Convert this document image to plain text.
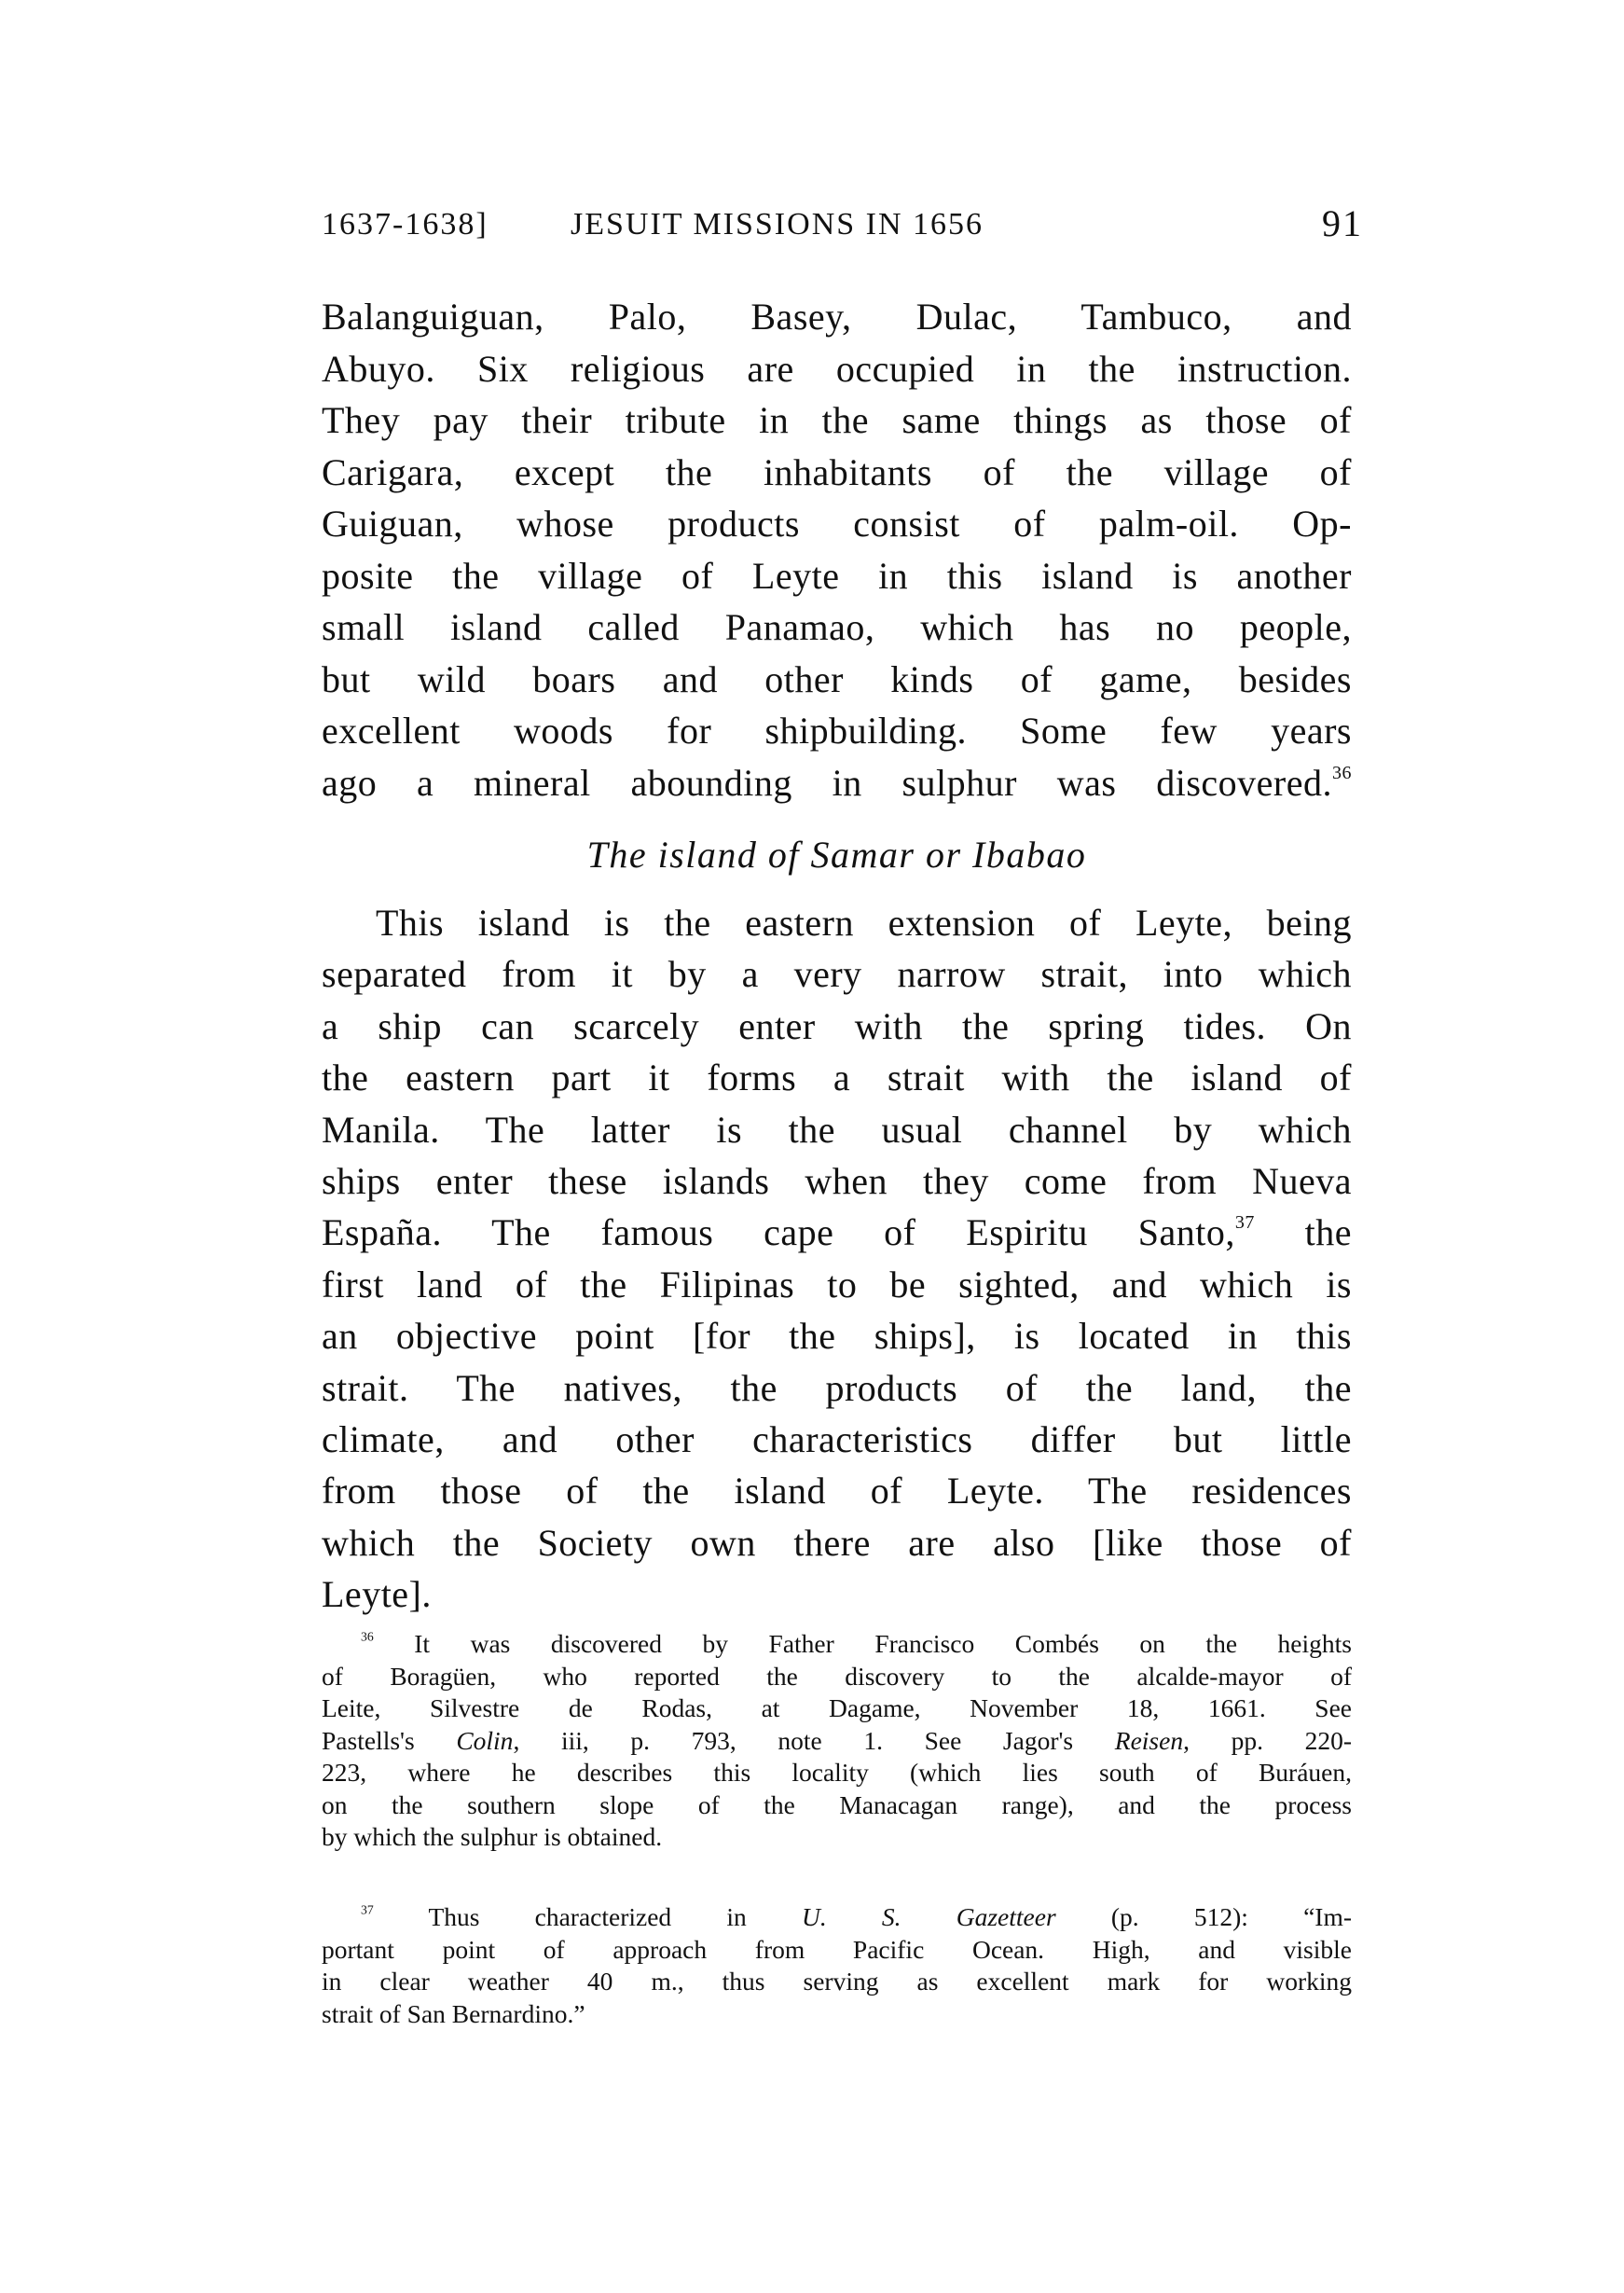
1637-1638]	JESUIT MISSIONS IN 1656	91
Balanguiguan, Palo, Basey, Dulac, Tambuco, and
Abuyo. Six religious are occupied in the instruction.
They pay their tribute in the same things as those of
Carigara, except the inhabitants of the village of
Guiguan, whose products consist of palm-oil. Op-
posite the village of Leyte in this island is another
small island called Panamao, which has no people,
but wild boars and other kinds of game, besides
excellent woods for shipbuilding. Some few years
ago a mineral abounding in sulphur was discovered.$^{36}$
The island of Samar or Ibabao
This island is the eastern extension of Leyte, being
separated from it by a very narrow strait, into which
a ship can scarcely enter with the spring tides. On
the eastern part it forms a strait with the island of
Manila. The latter is the usual channel by which
ships enter these islands when they come from Nueva
España. The famous cape of Espiritu Santo,$^{37}$ the
first land of the Filipinas to be sighted, and which is
an objective point [for the ships], is located in this
strait. The natives, the products of the land, the
climate, and other characteristics differ but little
from those of the island of Leyte. The residences
which the Society own there are also [like those of
Leyte].
$^{36}$ It was discovered by Father Francisco Combés on the heights
of Boragüen, who reported the discovery to the alcalde-mayor of
Leite, Silvestre de Rodas, at Dagame, November 18, 1661. See
Pastells's Colin, iii, p. 793, note 1. See Jagor's Reisen, pp. 220-
223, where he describes this locality (which lies south of Buráuen,
on the southern slope of the Manacagan range), and the process
by which the sulphur is obtained.
$^{37}$ Thus characterized in U. S. Gazetteer (p. 512): “Im-
portant point of approach from Pacific Ocean. High, and visible
in clear weather 40 m., thus serving as excellent mark for working
strait of San Bernardino.”
